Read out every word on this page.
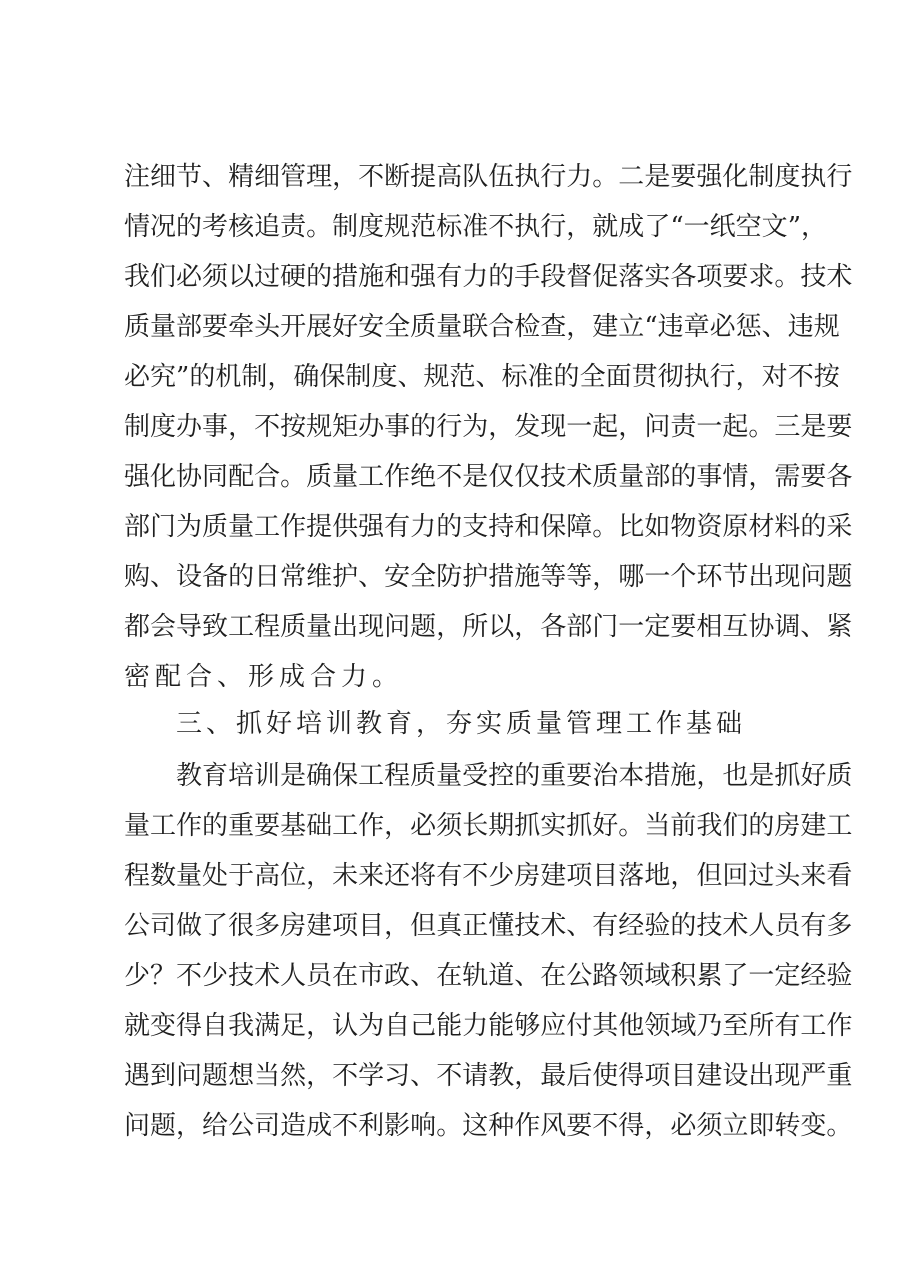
注 细 节 、 精 细 管 理 ， 不 断 提 高 队 伍 执 行 力 。 二 是 要 强 化 制 度 执 行
情 况 的 考 核 追 责 。 制 度 规 范 标 准 不 执 行 ， 就 成 了 “ 一 纸 空 文 ” ，
我 们 必 须 以 过 硬 的 措 施 和 强 有 力 的 手 段 督 促 落 实 各 项 要 求 。 技 术
质 量 部 要 牵 头 开 展 好 安 全 质 量 联 合 检 查 ， 建 立 “ 违 章 必 惩 、 违 规
必 究 ” 的 机 制 ， 确 保 制 度 、 规 范 、 标 准 的 全 面 贯 彻 执 行 ， 对 不 按
制 度 办 事 ， 不 按 规 矩 办 事 的 行 为 ， 发 现 一 起 ， 问 责 一 起 。 三 是 要
强 化 协 同 配 合 。 质 量 工 作 绝 不 是 仅 仅 技 术 质 量 部 的 事 情 ， 需 要 各
部 门 为 质 量 工 作 提 供 强 有 力 的 支 持 和 保 障 。 比 如 物 资 原 材 料 的 采
购 、 设 备 的 日 常 维 护 、 安 全 防 护 措 施 等 等 ， 哪 一 个 环 节 出 现 问 题
都 会 导 致 工 程 质 量 出 现 问 题 ， 所 以 ， 各 部 门 一 定 要 相 互 协 调 、 紧
密配合、形成合力。
三、抓好培训教育，夯实质量管理工作基础
教 育 培 训 是 确 保 工 程 质 量 受 控 的 重 要 治 本 措 施 ， 也 是 抓 好 质
量 工 作 的 重 要 基 础 工 作 ， 必 须 长 期 抓 实 抓 好 。 当 前 我 们 的 房 建 工
程 数 量 处 于 高 位 ， 未 来 还 将 有 不 少 房 建 项 目 落 地 ， 但 回 过 头 来 看
公 司 做 了 很 多 房 建 项 目 ， 但 真 正 懂 技 术 、 有 经 验 的 技 术 人 员 有 多
少 ？ 不 少 技 术 人 员 在 市 政 、 在 轨 道 、 在 公 路 领 域 积 累 了 一 定 经 验
就 变 得 自 我 满 足 ， 认 为 自 己 能 力 能 够 应 付 其 他 领 域 乃 至 所 有 工 作
遇 到 问 题 想 当 然 ， 不 学 习 、 不 请 教 ， 最 后 使 得 项 目 建 设 出 现 严 重
问 题 ， 给 公 司 造 成 不 利 影 响 。 这 种 作 风 要 不 得 ， 必 须 立 即 转 变 。
